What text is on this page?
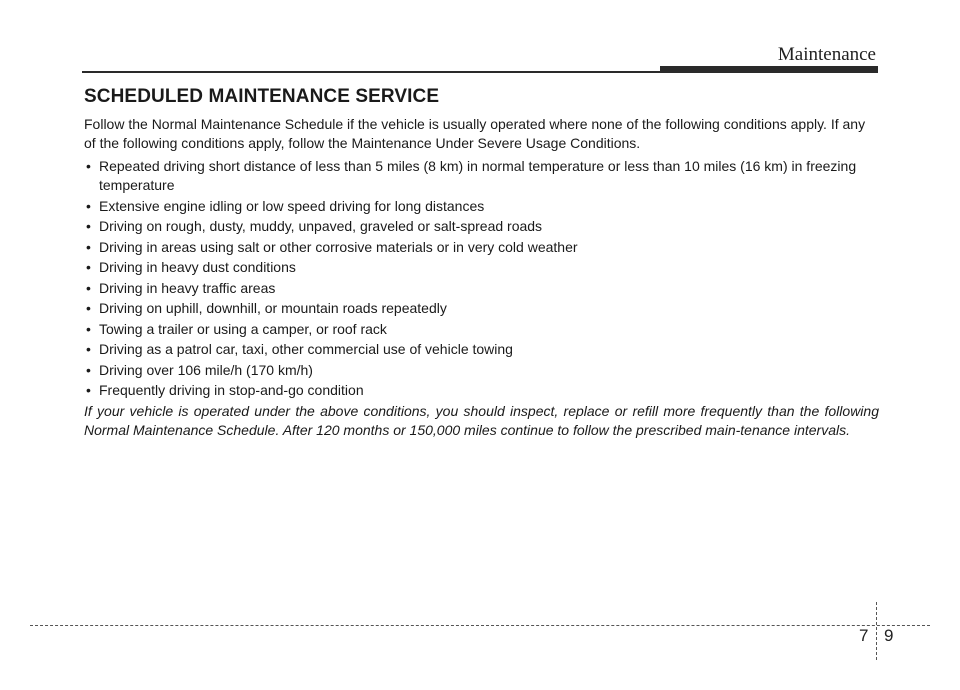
Maintenance
SCHEDULED MAINTENANCE SERVICE

Follow the Normal Maintenance Schedule if the vehicle is usually operated where none of the following conditions apply. If any of the following conditions apply, follow the Maintenance Under Severe Usage Conditions.

• Repeated driving short distance of less than 5 miles (8 km) in normal temperature or less than 10 miles (16 km) in freezing temperature
• Extensive engine idling or low speed driving for long distances
• Driving on rough, dusty, muddy, unpaved, graveled or salt-spread roads
• Driving in areas using salt or other corrosive materials or in very cold weather
• Driving in heavy dust conditions
• Driving in heavy traffic areas
• Driving on uphill, downhill, or mountain roads repeatedly
• Towing a trailer or using a camper, or roof rack
• Driving as a patrol car, taxi, other commercial use of vehicle towing
• Driving over 106 mile/h (170 km/h)
• Frequently driving in stop-and-go condition

If your vehicle is operated under the above conditions, you should inspect, replace or refill more frequently than the following Normal Maintenance Schedule. After 120 months or 150,000 miles continue to follow the prescribed main-tenance intervals.

7 9
